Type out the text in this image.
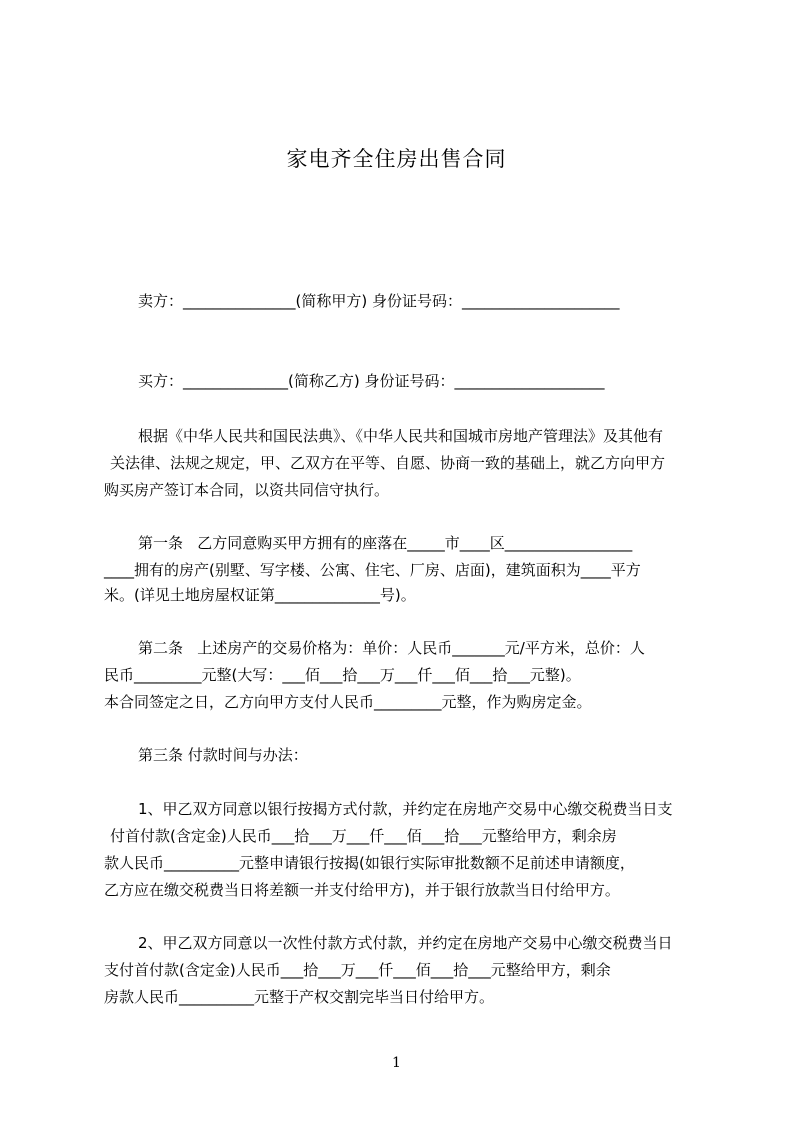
家电齐全住房出售合同
卖方：_______________(简称甲方) 身份证号码：_____________________
买方：______________(简称乙方) 身份证号码：____________________
根据《中华人民共和国民法典》、《中华人民共和国城市房地产管理法》及其他有
关法律、法规之规定，甲、乙双方在平等、自愿、协商一致的基础上，就乙方向甲方
购买房产签订本合同，以资共同信守执行。
第一条   乙方同意购买甲方拥有的座落在_____市____区_________________
____拥有的房产(别墅、写字楼、公寓、住宅、厂房、店面)，建筑面积为____平方
米。(详见土地房屋权证第______________号)。
第二条   上述房产的交易价格为：单价：人民币_______元/平方米，总价：人
民币_________元整(大写：___佰___拾___万___仟___佰___拾___元整)。
本合同签定之日，乙方向甲方支付人民币_________元整，作为购房定金。
第三条 付款时间与办法：
1、甲乙双方同意以银行按揭方式付款，并约定在房地产交易中心缴交税费当日支
付首付款(含定金)人民币___拾___万___仟___佰___拾___元整给甲方，剩余房
款人民币__________元整申请银行按揭(如银行实际审批数额不足前述申请额度，
乙方应在缴交税费当日将差额一并支付给甲方)，并于银行放款当日付给甲方。
2、甲乙双方同意以一次性付款方式付款，并约定在房地产交易中心缴交税费当日
支付首付款(含定金)人民币___拾___万___仟___佰___拾___元整给甲方，剩余
房款人民币__________元整于产权交割完毕当日付给甲方。
1
